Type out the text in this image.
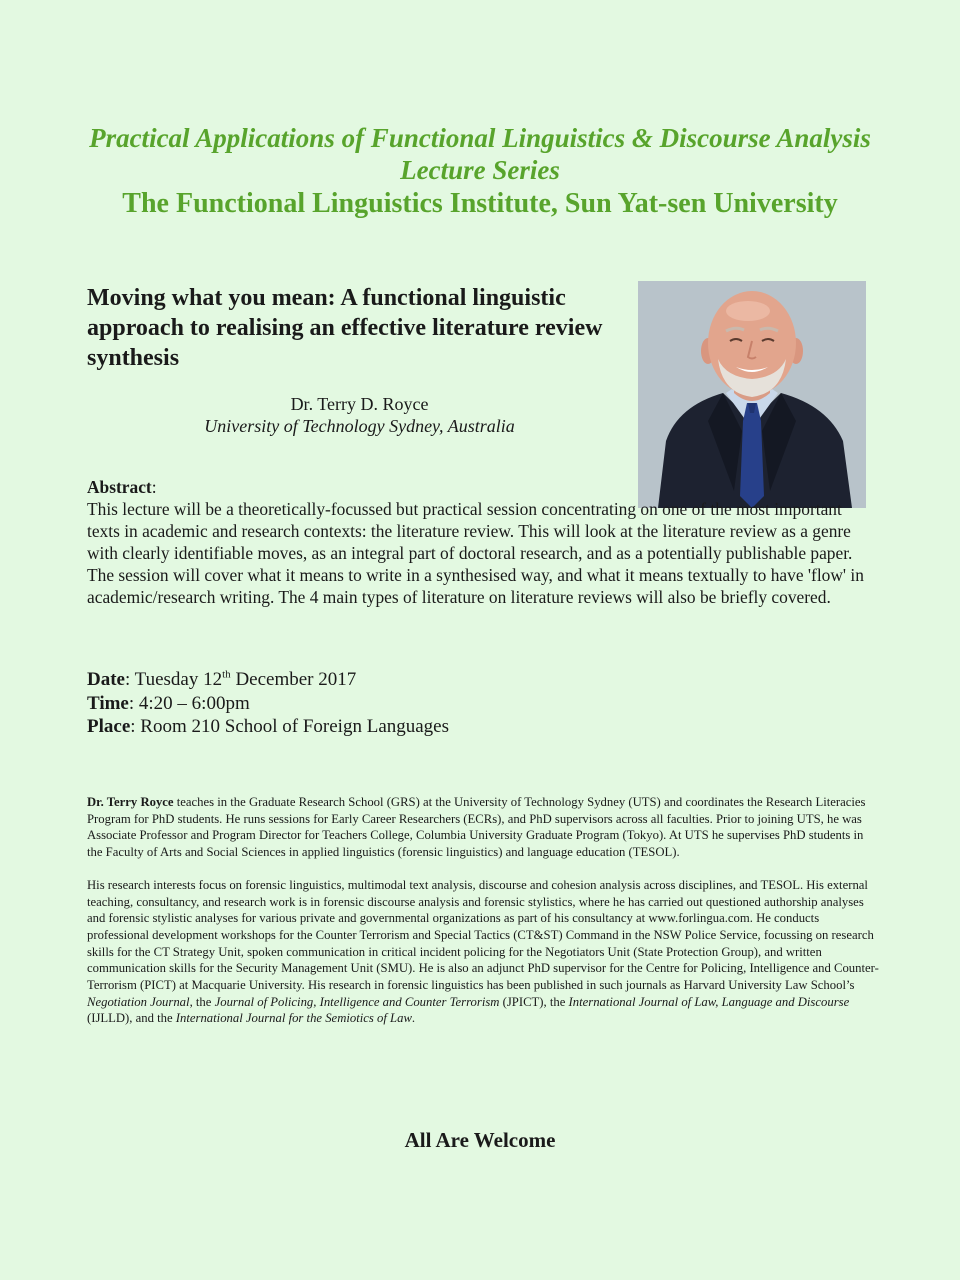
Practical Applications of Functional Linguistics & Discourse Analysis
Lecture Series
The Functional Linguistics Institute, Sun Yat-sen University
Moving what you mean: A functional linguistic approach to realising an effective literature review synthesis
Dr. Terry D. Royce
University of Technology Sydney, Australia
Abstract:
This lecture will be a theoretically-focussed but practical session concentrating on one of the most important texts in academic and research contexts: the literature review. This will look at the literature review as a genre with clearly identifiable moves, as an integral part of doctoral research, and as a potentially publishable paper. The session will cover what it means to write in a synthesised way, and what it means textually to have 'flow' in academic/research writing. The 4 main types of literature on literature reviews will also be briefly covered.
Date: Tuesday 12th December 2017
Time: 4:20 – 6:00pm
Place: Room 210 School of Foreign Languages

Dr. Terry Royce teaches in the Graduate Research School (GRS) at the University of Technology Sydney (UTS) and coordinates the Research Literacies Program for PhD students. He runs sessions for Early Career Researchers (ECRs), and PhD supervisors across all faculties. Prior to joining UTS, he was Associate Professor and Program Director for Teachers College, Columbia University Graduate Program (Tokyo). At UTS he supervises PhD students in the Faculty of Arts and Social Sciences in applied linguistics (forensic linguistics) and language education (TESOL).

His research interests focus on forensic linguistics, multimodal text analysis, discourse and cohesion analysis across disciplines, and TESOL. His external teaching, consultancy, and research work is in forensic discourse analysis and forensic stylistics, where he has carried out questioned authorship analyses and forensic stylistic analyses for various private and governmental organizations as part of his consultancy at www.forlingua.com. He conducts professional development workshops for the Counter Terrorism and Special Tactics (CT&ST) Command in the NSW Police Service, focussing on research skills for the CT Strategy Unit, spoken communication in critical incident policing for the Negotiators Unit (State Protection Group), and written communication skills for the Security Management Unit (SMU). He is also an adjunct PhD supervisor for the Centre for Policing, Intelligence and Counter-Terrorism (PICT) at Macquarie University. His research in forensic linguistics has been published in such journals as Harvard University Law School’s Negotiation Journal, the Journal of Policing, Intelligence and Counter Terrorism (JPICT), the International Journal of Law, Language and Discourse (IJLLD), and the International Journal for the Semiotics of Law.

All Are Welcome
